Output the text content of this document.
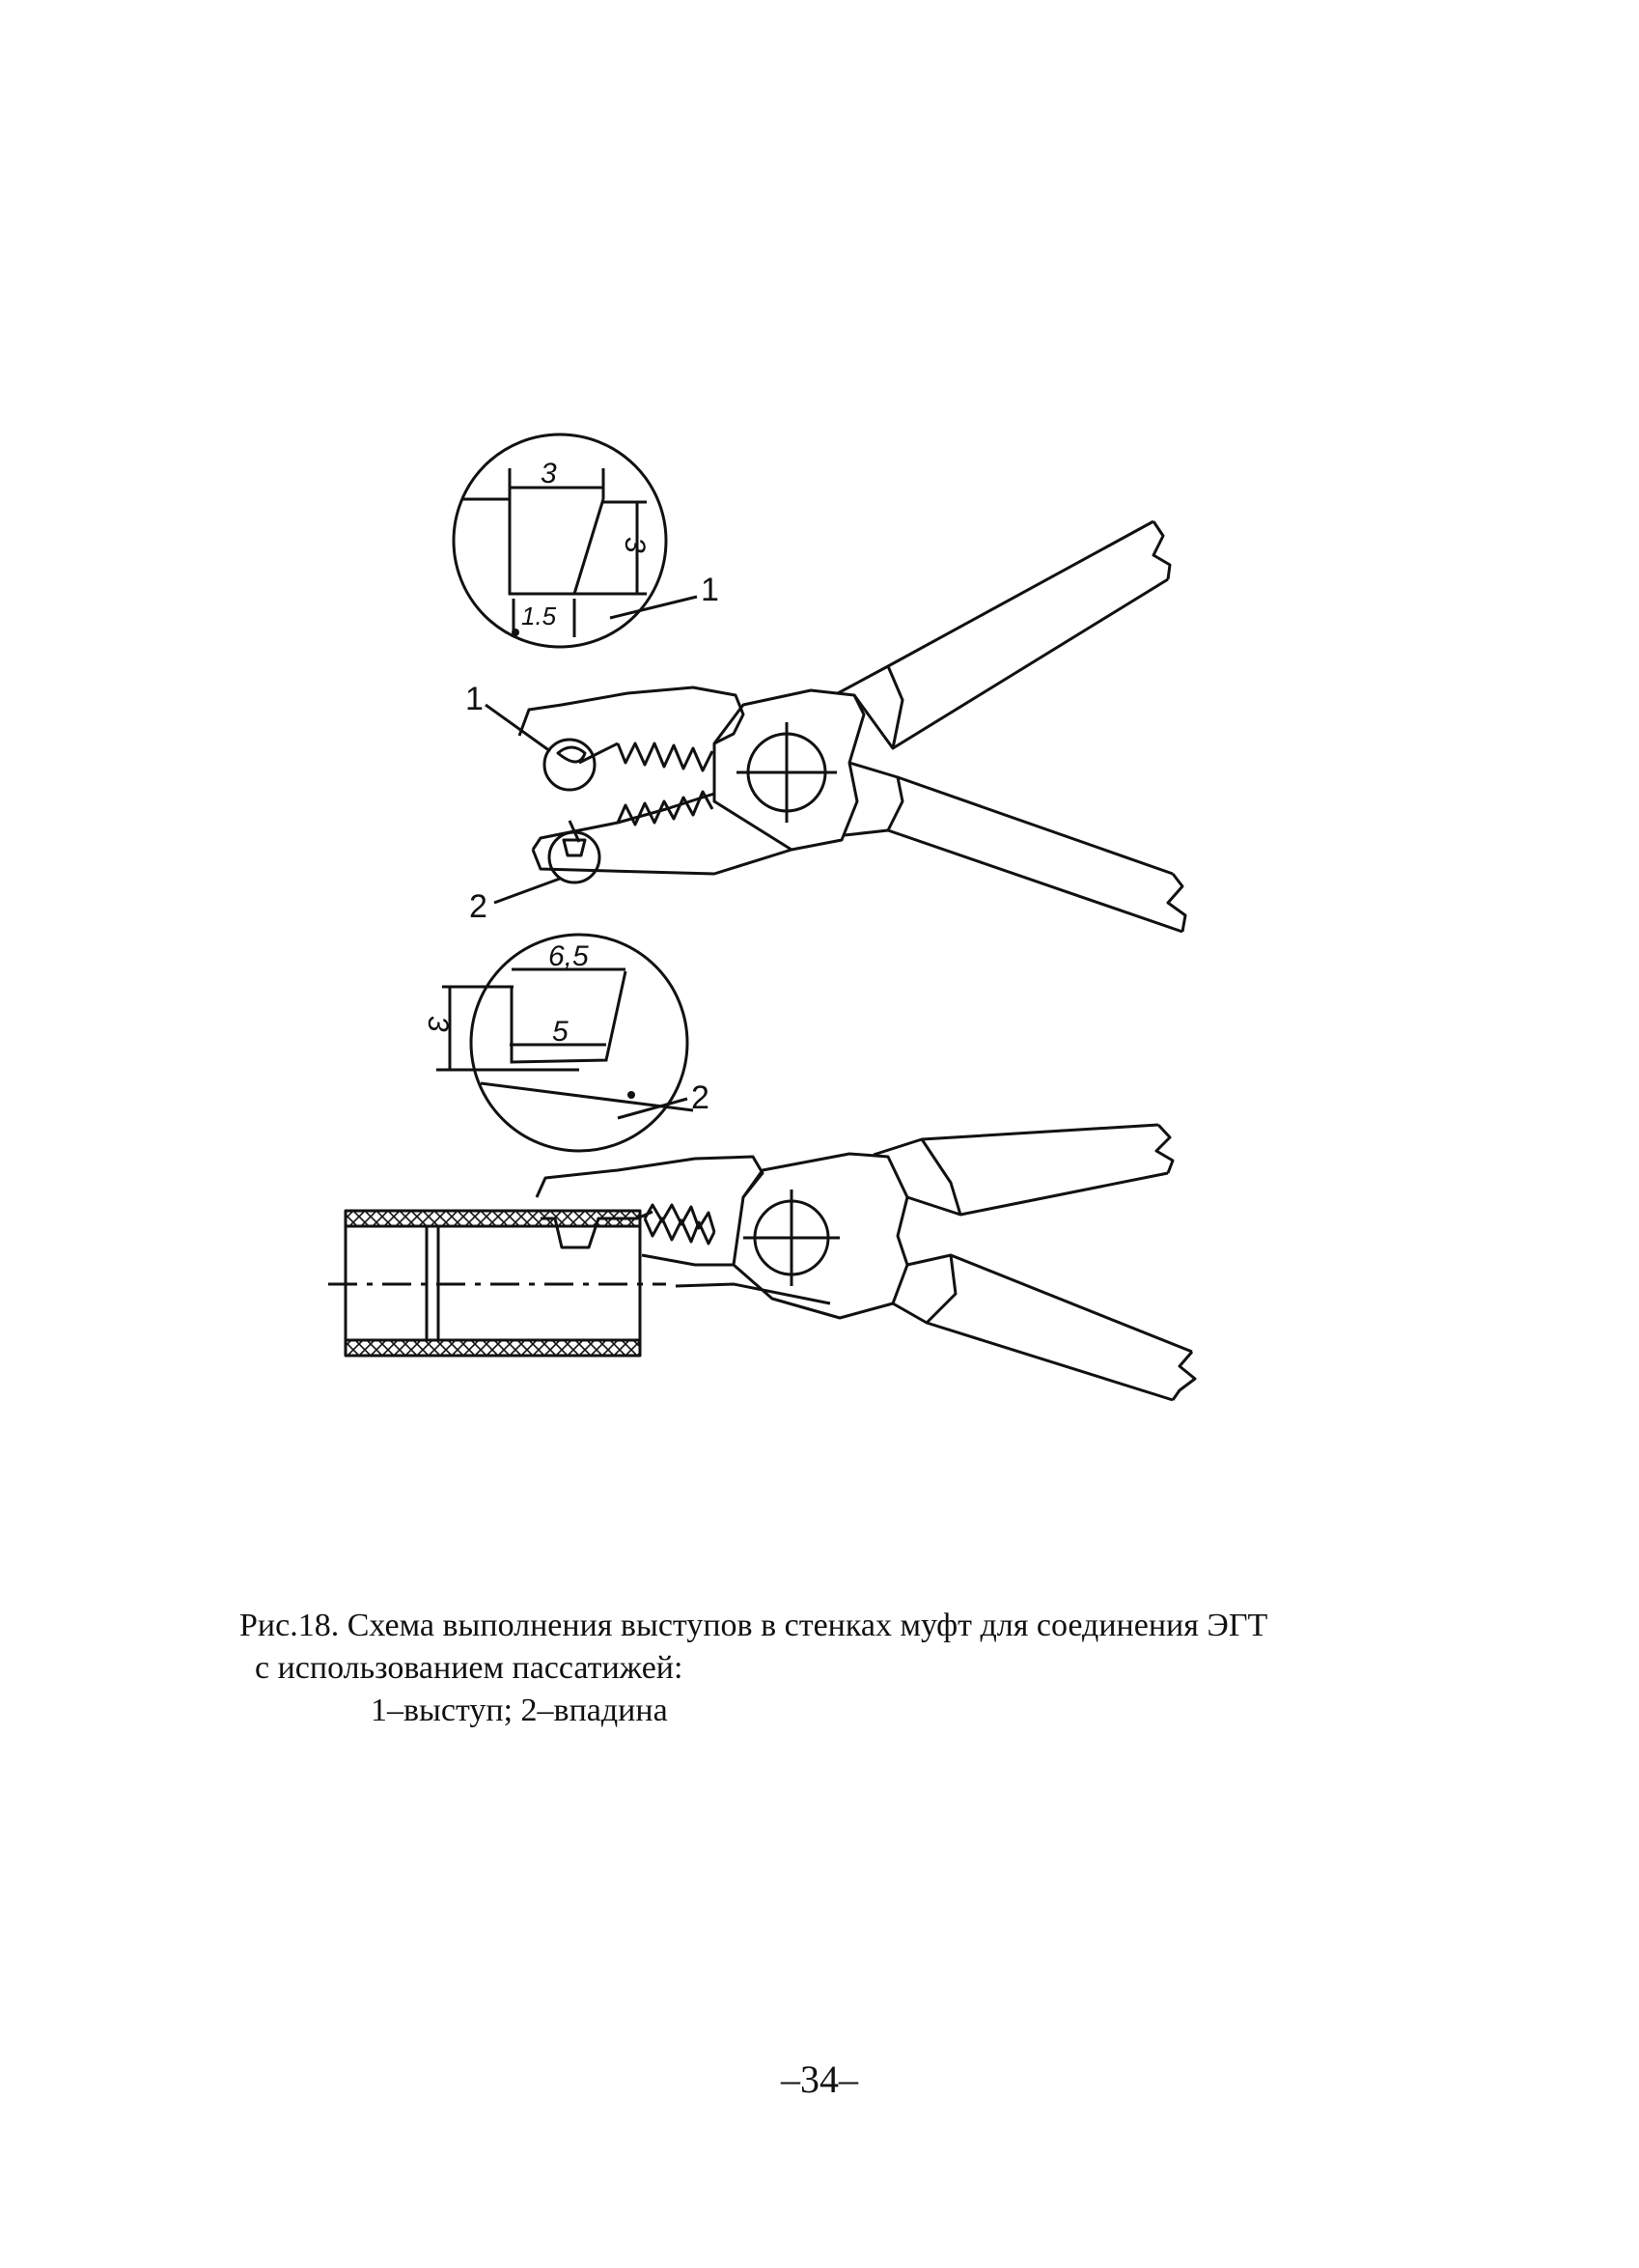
3
3
1.5
1
1
2
6,5
5
3
2
Рис.18. Схема выполнения выступов в стенках муфт для соединения ЭГТ
с использованием пассатижей:
1–выступ; 2–впадина
–34–
